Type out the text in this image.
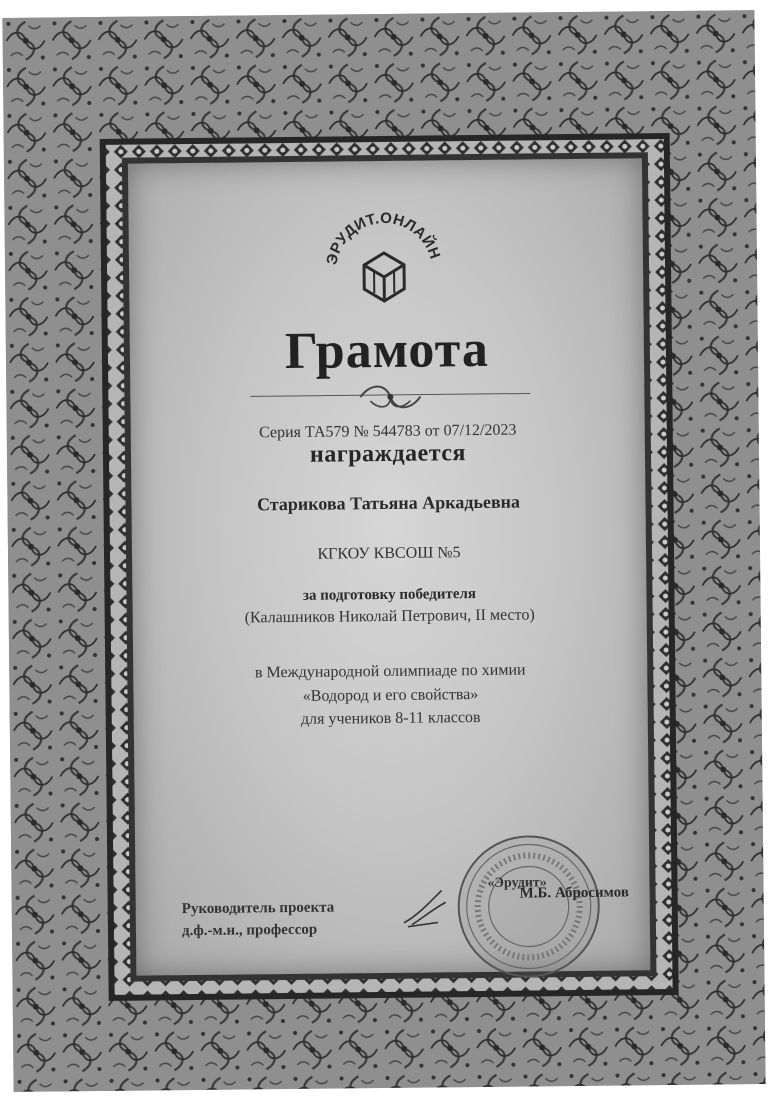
ЭРУДИТ.ОНЛАЙН
Грамота
Серия ТА579 № 544783 от 07/12/2023
награждается
Старикова Татьяна Аркадьевна
КГКОУ КВСОШ №5
за подготовку победителя
(Калашников Николай Петрович, II место)
в Международной олимпиаде по химии
«Водород и его свойства»
для учеников 8-11 классов
Руководитель проекта
д.ф.-м.н., профессор
«Эрудит»
М.Б. Абросимов
